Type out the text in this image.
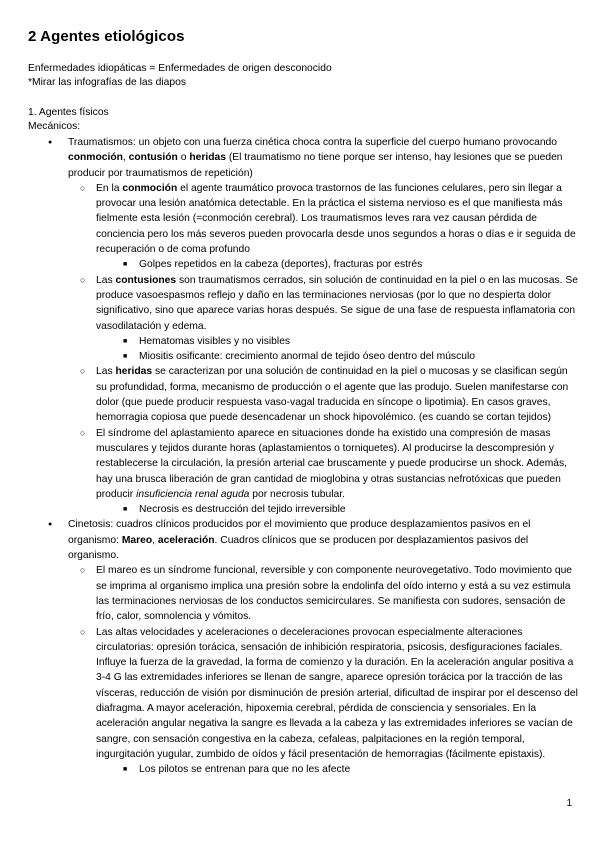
2 Agentes etiológicos
Enfermedades idiopáticas = Enfermedades de origen desconocido
*Mirar las infografías de las diapos
1. Agentes físicos
Mecánicos:
● Traumatismos: un objeto con una fuerza cinética choca contra la superficie del cuerpo humano provocando conmoción, contusión o heridas (El traumatismo no tiene porque ser intenso, hay lesiones que se pueden producir por traumatismos de repetición)
○ En la conmoción el agente traumático provoca trastornos de las funciones celulares, pero sin llegar a provocar una lesión anatómica detectable. En la práctica el sistema nervioso es el que manifiesta más fielmente esta lesión (=conmoción cerebral). Los traumatismos leves rara vez causan pérdida de conciencia pero los más severos pueden provocarla desde unos segundos a horas o días e ir seguida de recuperación o de coma profundo
■ Golpes repetidos en la cabeza (deportes), fracturas por estrés
○ Las contusiones son traumatismos cerrados, sin solución de continuidad en la piel o en las mucosas. Se produce vasoespasmos reflejo y daño en las terminaciones nerviosas (por lo que no despierta dolor significativo, sino que aparece varias horas después. Se sigue de una fase de respuesta inflamatoria con vasodilatación y edema.
■ Hematomas visibles y no visibles
■ Miositis osificante: crecimiento anormal de tejido óseo dentro del músculo
○ Las heridas se caracterizan por una solución de continuidad en la piel o mucosas y se clasifican según su profundidad, forma, mecanismo de producción o el agente que las produjo. Suelen manifestarse con dolor (que puede producir respuesta vaso-vagal traducida en síncope o lipotimia). En casos graves, hemorragia copiosa que puede desencadenar un shock hipovolémico. (es cuando se cortan tejidos)
○ El síndrome del aplastamiento aparece en situaciones donde ha existido una compresión de masas musculares y tejidos durante horas (aplastamientos o torniquetes). Al producirse la descompresión y restablecerse la circulación, la presión arterial cae bruscamente y puede producirse un shock. Además, hay una brusca liberación de gran cantidad de mioglobina y otras sustancias nefrotóxicas que pueden producir insuficiencia renal aguda por necrosis tubular.
■ Necrosis es destrucción del tejido irreversible
● Cinetosis: cuadros clínicos producidos por el movimiento que produce desplazamientos pasivos en el organismo: Mareo, aceleración. Cuadros clínicos que se producen por desplazamientos pasivos del organismo.
○ El mareo es un síndrome funcional, reversible y con componente neurovegetativo. Todo movimiento que se imprima al organismo implica una presión sobre la endolinfa del oído interno y está a su vez estimula las terminaciones nerviosas de los conductos semicirculares. Se manifiesta con sudores, sensación de frío, calor, somnolencia y vómitos.
○ Las altas velocidades y aceleraciones o deceleraciones provocan especialmente alteraciones circulatorias: opresión torácica, sensación de inhibición respiratoria, psicosis, desfiguraciones faciales. Influye la fuerza de la gravedad, la forma de comienzo y la duración. En la aceleración angular positiva a 3-4 G las extremidades inferiores se llenan de sangre, aparece opresión torácica por la tracción de las vísceras, reducción de visión por disminución de presión arterial, dificultad de inspirar por el descenso del diafragma. A mayor aceleración, hipoxemia cerebral, pérdida de consciencia y sensoriales. En la aceleración angular negativa la sangre es llevada a la cabeza y las extremidades inferiores se vacían de sangre, con sensación congestiva en la cabeza, cefaleas, palpitaciones en la región temporal, ingurgitación yugular, zumbido de oídos y fácil presentación de hemorragias (fácilmente epistaxis).
■ Los pilotos se entrenan para que no les afecte
1
